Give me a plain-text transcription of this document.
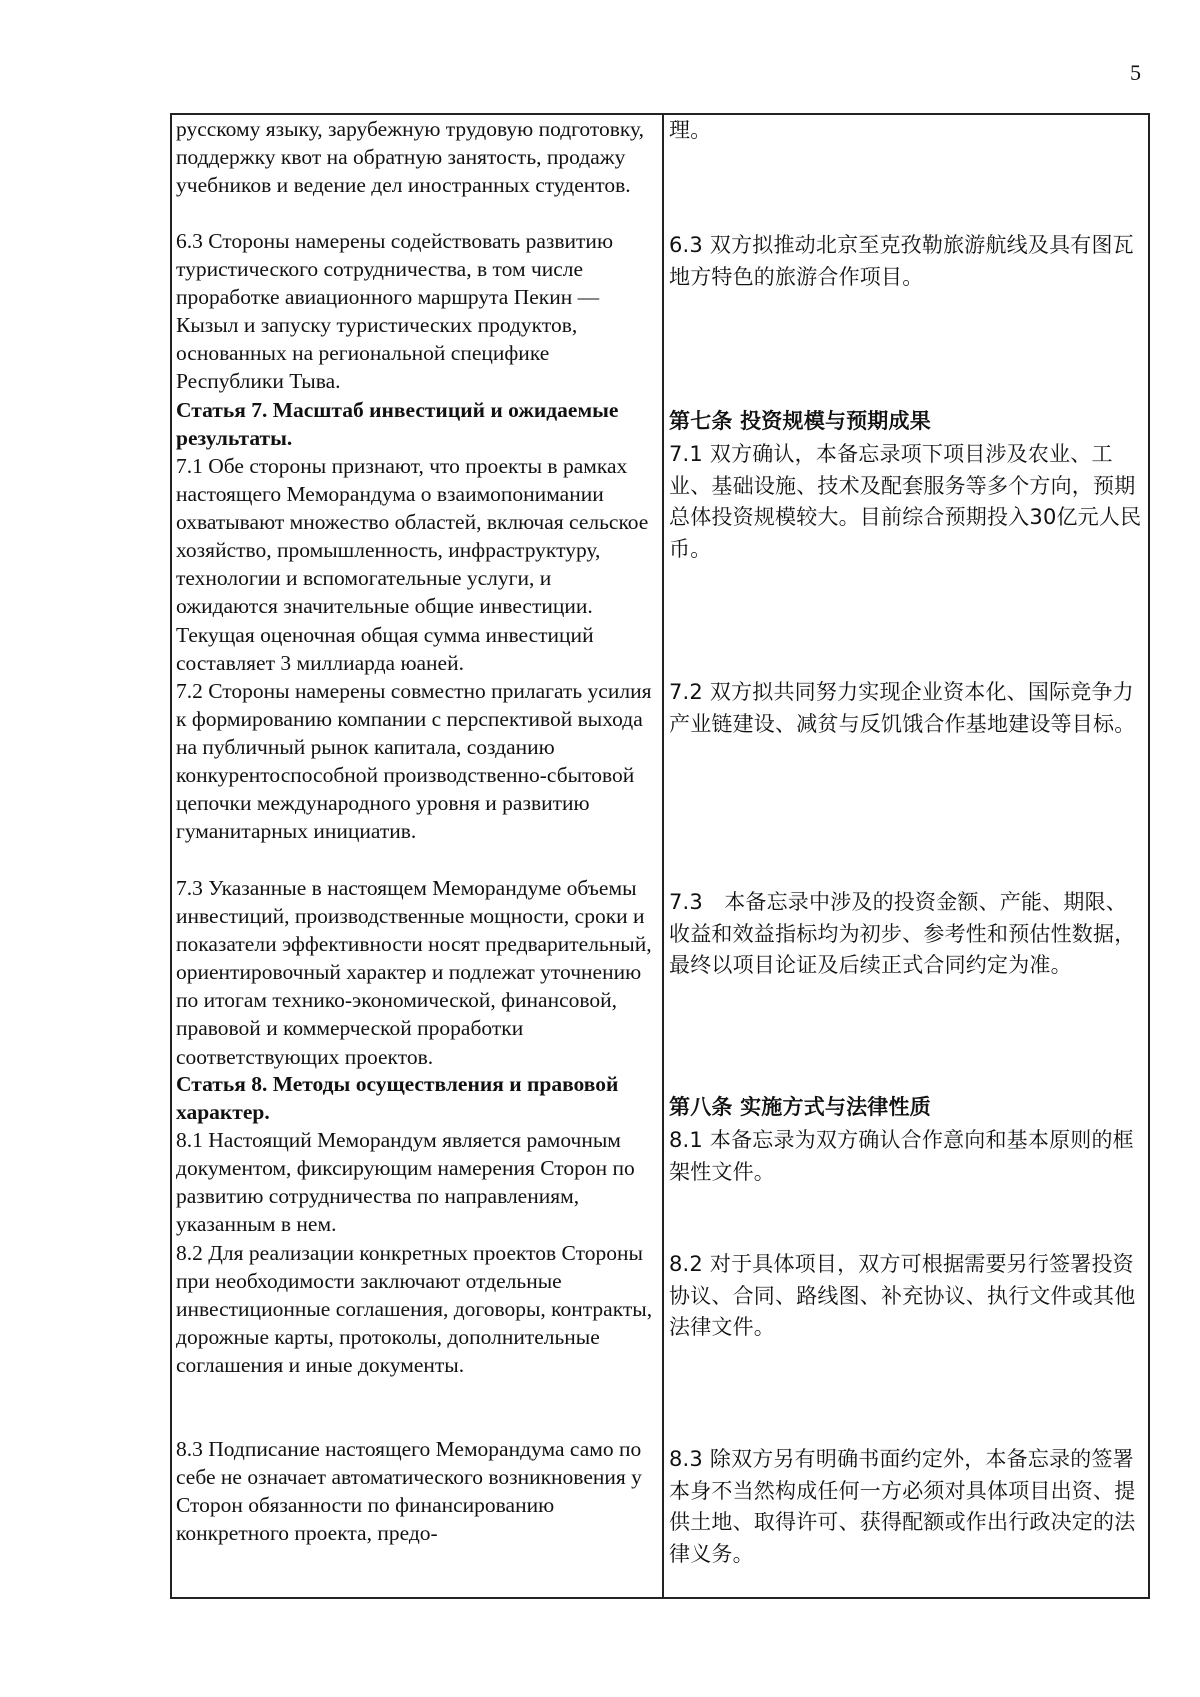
5

русскому языку, зарубежную трудовую подготовку, поддержку квот на обратную занятость, продажу учебников и ведение дел иностранных студентов.

6.3 Стороны намерены содействовать развитию туристического сотрудничества, в том числе проработке авиационного маршрута Пекин — Кызыл и запуску туристических продуктов, основанных на региональной специфике Республики Тыва.

Статья 7. Масштаб инвестиций и ожидаемые результаты.

7.1 Обе стороны признают, что проекты в рамках настоящего Меморандума о взаимопонимании охватывают множество областей, включая сельское хозяйство, промышленность, инфраструктуру, технологии и вспомогательные услуги, и ожидаются значительные общие инвестиции. Текущая оценочная общая сумма инвестиций составляет 3 миллиарда юаней.

7.2 Стороны намерены совместно прилагать усилия к формированию компании с перспективой выхода на публичный рынок капитала, созданию конкурентоспособной производственно-сбытовой цепочки международного уровня и развитию гуманитарных инициатив.

7.3 Указанные в настоящем Меморандуме объемы инвестиций, производственные мощности, сроки и показатели эффективности носят предварительный, ориентировочный характер и подлежат уточнению по итогам технико-экономической, финансовой, правовой и коммерческой проработки соответствующих проектов.

Статья 8. Методы осуществления и правовой характер.

8.1 Настоящий Меморандум является рамочным документом, фиксирующим намерения Сторон по развитию сотрудничества по направлениям, указанным в нем.

8.2 Для реализации конкретных проектов Стороны при необходимости заключают отдельные инвестиционные соглашения, договоры, контракты, дорожные карты, протоколы, дополнительные соглашения и иные документы.

8.3 Подписание настоящего Меморандума само по себе не означает автоматического возникновения у Сторон обязанности по финансированию конкретного проекта, предо-

理。

6.3 双方拟推动北京至克孜勒旅游航线及具有图瓦地方特色的旅游合作项目。

第七条 投资规模与预期成果

7.1 双方确认，本备忘录项下项目涉及农业、工业、基础设施、技术及配套服务等多个方向，预期总体投资规模较大。目前综合预期投入30亿元人民币。

7.2 双方拟共同努力实现企业资本化、国际竞争力产业链建设、减贫与反饥饿合作基地建设等目标。

7.3　本备忘录中涉及的投资金额、产能、期限、收益和效益指标均为初步、参考性和预估性数据，最终以项目论证及后续正式合同约定为准。

第八条 实施方式与法律性质

8.1 本备忘录为双方确认合作意向和基本原则的框架性文件。

8.2 对于具体项目，双方可根据需要另行签署投资协议、合同、路线图、补充协议、执行文件或其他法律文件。

8.3 除双方另有明确书面约定外，本备忘录的签署本身不当然构成任何一方必须对具体项目出资、提供土地、取得许可、获得配额或作出行政决定的法律义务。
